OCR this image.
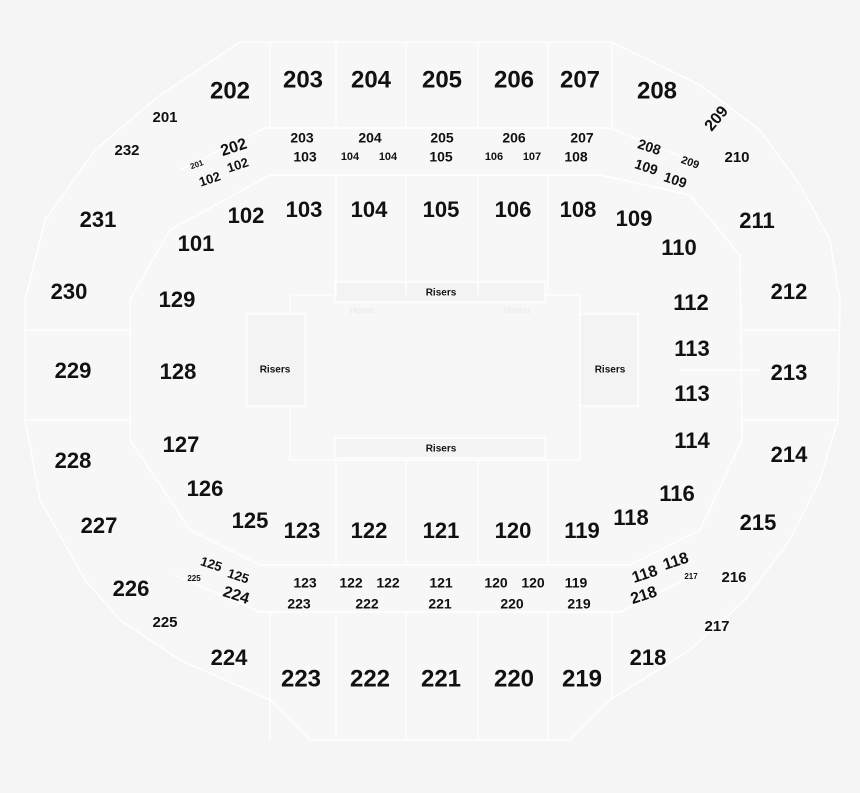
Risers
Risers
Risers	Risers
Home	Visitor
201
202 203 204 205 206 207 208
209
210
211
212
213
214
215
216
217
218
219
220
221
222
223
224
225
226
227
228
229
230
231
232
101
102 103 104 105 106 108 109
110
112
113
113
114
116
118
119
120
121
122
123
125
126
127
128
129
201
202	203	204	205	206	207	208
209
102
102	103 104 104 105	106 107 108	109
109
125
125
225
224
123 122 122 121 120 120 119	118
118
217
218
223	222	221	220	219
